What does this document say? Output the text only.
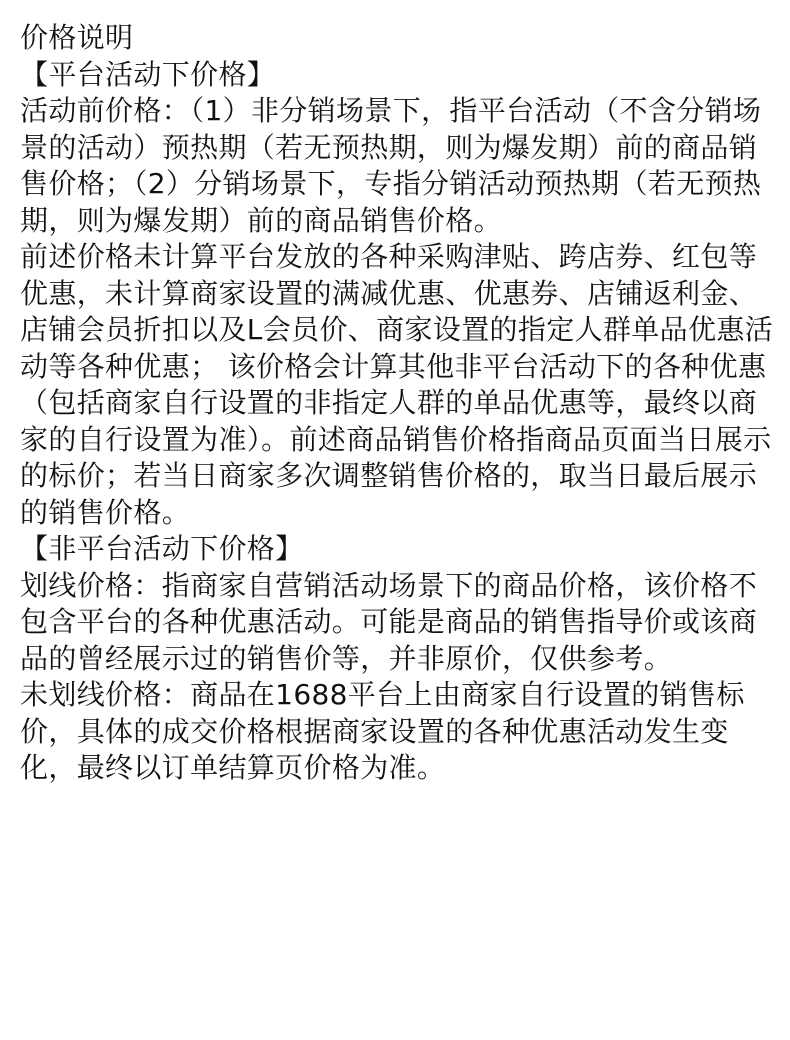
价格说明

【平台活动下价格】

活动前价格：（1）非分销场景下，指平台活动（不含分销场景的活动）预热期（若无预热期，则为爆发期）前的商品销售价格；（2）分销场景下，专指分销活动预热期（若无预热期，则为爆发期）前的商品销售价格。

前述价格未计算平台发放的各种采购津贴、跨店券、红包等优惠，未计算商家设置的满减优惠、优惠券、店铺返利金、店铺会员折扣以及L会员价、商家设置的指定人群单品优惠活动等各种优惠； 该价格会计算其他非平台活动下的各种优惠（包括商家自行设置的非指定人群的单品优惠等，最终以商家的自行设置为准）。前述商品销售价格指商品页面当日展示的标价；若当日商家多次调整销售价格的，取当日最后展示的销售价格。

【非平台活动下价格】

划线价格：指商家自营销活动场景下的商品价格，该价格不包含平台的各种优惠活动。可能是商品的销售指导价或该商品的曾经展示过的销售价等，并非原价，仅供参考。

未划线价格：商品在1688平台上由商家自行设置的销售标价，具体的成交价格根据商家设置的各种优惠活动发生变化，最终以订单结算页价格为准。
